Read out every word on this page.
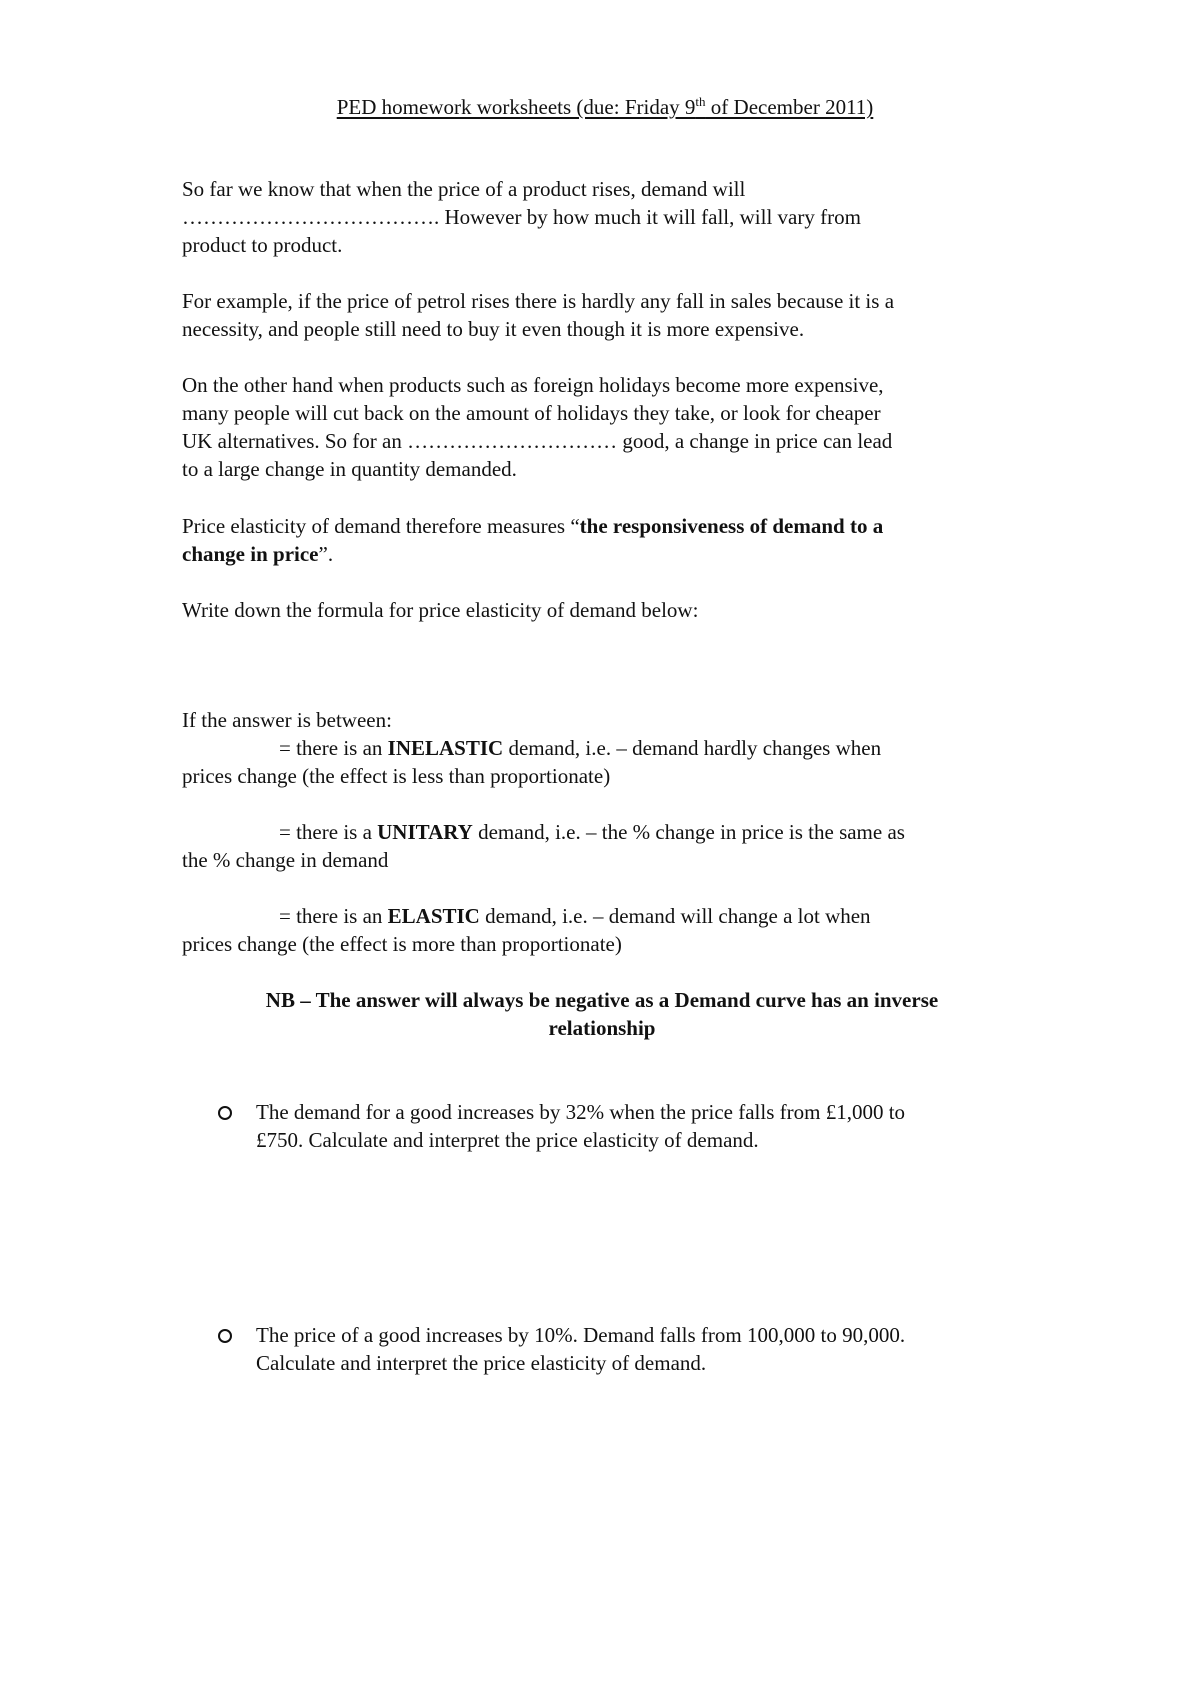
PED homework worksheets (due: Friday 9th of December 2011)
So far we know that when the price of a product rises, demand will
………………………………. However by how much it will fall, will vary from
product to product.
For example, if the price of petrol rises there is hardly any fall in sales because it is a
necessity, and people still need to buy it even though it is more expensive.
On the other hand when products such as foreign holidays become more expensive,
many people will cut back on the amount of holidays they take, or look for cheaper
UK alternatives. So for an ………………………… good, a change in price can lead
to a large change in quantity demanded.
Price elasticity of demand therefore measures “the responsiveness of demand to a
change in price”.
Write down the formula for price elasticity of demand below:
If the answer is between:
= there is an INELASTIC demand, i.e. – demand hardly changes when
prices change (the effect is less than proportionate)
= there is a UNITARY demand, i.e. – the % change in price is the same as
the % change in demand
= there is an ELASTIC demand, i.e. – demand will change a lot when
prices change (the effect is more than proportionate)
NB – The answer will always be negative as a Demand curve has an inverse
relationship
The demand for a good increases by 32% when the price falls from £1,000 to
£750. Calculate and interpret the price elasticity of demand.
The price of a good increases by 10%. Demand falls from 100,000 to 90,000.
Calculate and interpret the price elasticity of demand.
